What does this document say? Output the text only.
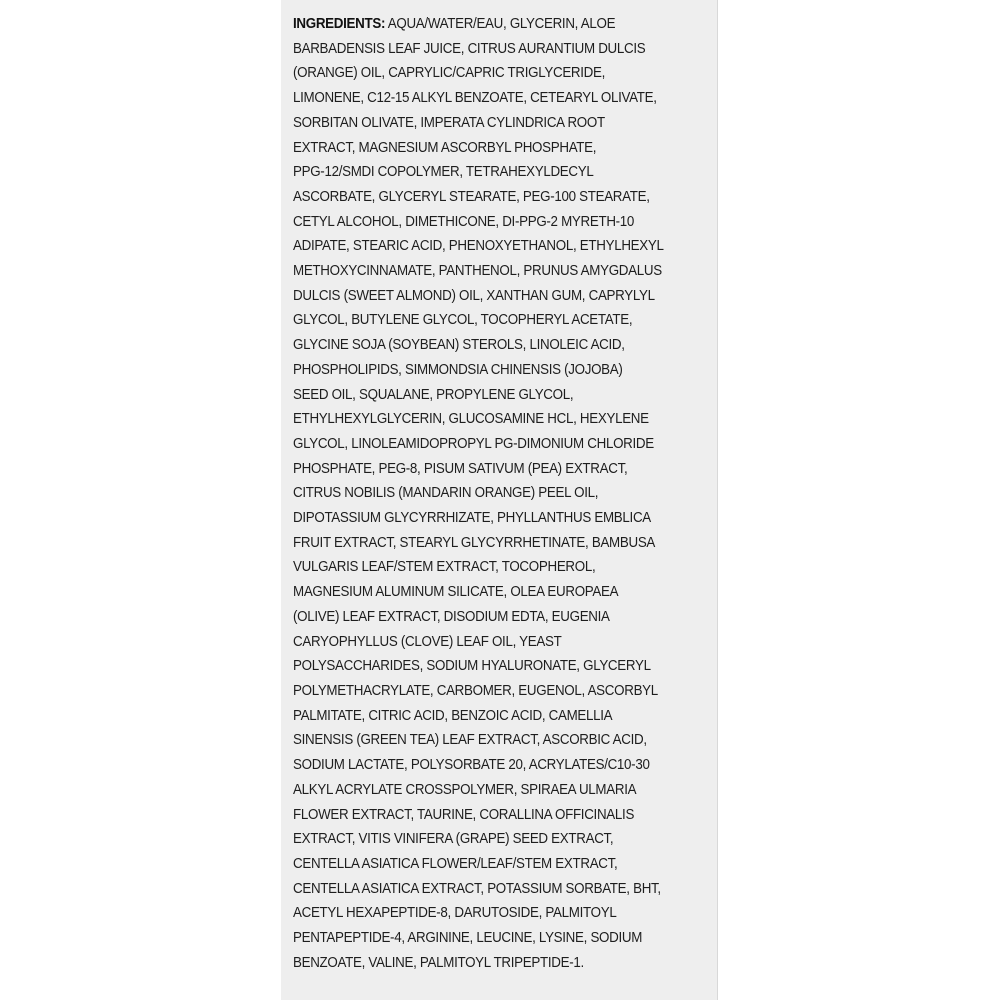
INGREDIENTS: AQUA/WATER/EAU, GLYCERIN, ALOE
BARBADENSIS LEAF JUICE, CITRUS AURANTIUM DULCIS
(ORANGE) OIL, CAPRYLIC/CAPRIC TRIGLYCERIDE,
LIMONENE, C12-15 ALKYL BENZOATE, CETEARYL OLIVATE,
SORBITAN OLIVATE, IMPERATA CYLINDRICA ROOT
EXTRACT, MAGNESIUM ASCORBYL PHOSPHATE,
PPG-12/SMDI COPOLYMER, TETRAHEXYLDECYL
ASCORBATE, GLYCERYL STEARATE, PEG-100 STEARATE,
CETYL ALCOHOL, DIMETHICONE, DI-PPG-2 MYRETH-10
ADIPATE, STEARIC ACID, PHENOXYETHANOL, ETHYLHEXYL
METHOXYCINNAMATE, PANTHENOL, PRUNUS AMYGDALUS
DULCIS (SWEET ALMOND) OIL, XANTHAN GUM, CAPRYLYL
GLYCOL, BUTYLENE GLYCOL, TOCOPHERYL ACETATE,
GLYCINE SOJA (SOYBEAN) STEROLS, LINOLEIC ACID,
PHOSPHOLIPIDS, SIMMONDSIA CHINENSIS (JOJOBA)
SEED OIL, SQUALANE, PROPYLENE GLYCOL,
ETHYLHEXYLGLYCERIN, GLUCOSAMINE HCL, HEXYLENE
GLYCOL, LINOLEAMIDOPROPYL PG-DIMONIUM CHLORIDE
PHOSPHATE, PEG-8, PISUM SATIVUM (PEA) EXTRACT,
CITRUS NOBILIS (MANDARIN ORANGE) PEEL OIL,
DIPOTASSIUM GLYCYRRHIZATE, PHYLLANTHUS EMBLICA
FRUIT EXTRACT, STEARYL GLYCYRRHETINATE, BAMBUSA
VULGARIS LEAF/STEM EXTRACT, TOCOPHEROL,
MAGNESIUM ALUMINUM SILICATE, OLEA EUROPAEA
(OLIVE) LEAF EXTRACT, DISODIUM EDTA, EUGENIA
CARYOPHYLLUS (CLOVE) LEAF OIL, YEAST
POLYSACCHARIDES, SODIUM HYALURONATE, GLYCERYL
POLYMETHACRYLATE, CARBOMER, EUGENOL, ASCORBYL
PALMITATE, CITRIC ACID, BENZOIC ACID, CAMELLIA
SINENSIS (GREEN TEA) LEAF EXTRACT, ASCORBIC ACID,
SODIUM LACTATE, POLYSORBATE 20, ACRYLATES/C10-30
ALKYL ACRYLATE CROSSPOLYMER, SPIRAEA ULMARIA
FLOWER EXTRACT, TAURINE, CORALLINA OFFICINALIS
EXTRACT, VITIS VINIFERA (GRAPE) SEED EXTRACT,
CENTELLA ASIATICA FLOWER/LEAF/STEM EXTRACT,
CENTELLA ASIATICA EXTRACT, POTASSIUM SORBATE, BHT,
ACETYL HEXAPEPTIDE-8, DARUTOSIDE, PALMITOYL
PENTAPEPTIDE-4, ARGININE, LEUCINE, LYSINE, SODIUM
BENZOATE, VALINE, PALMITOYL TRIPEPTIDE-1.
